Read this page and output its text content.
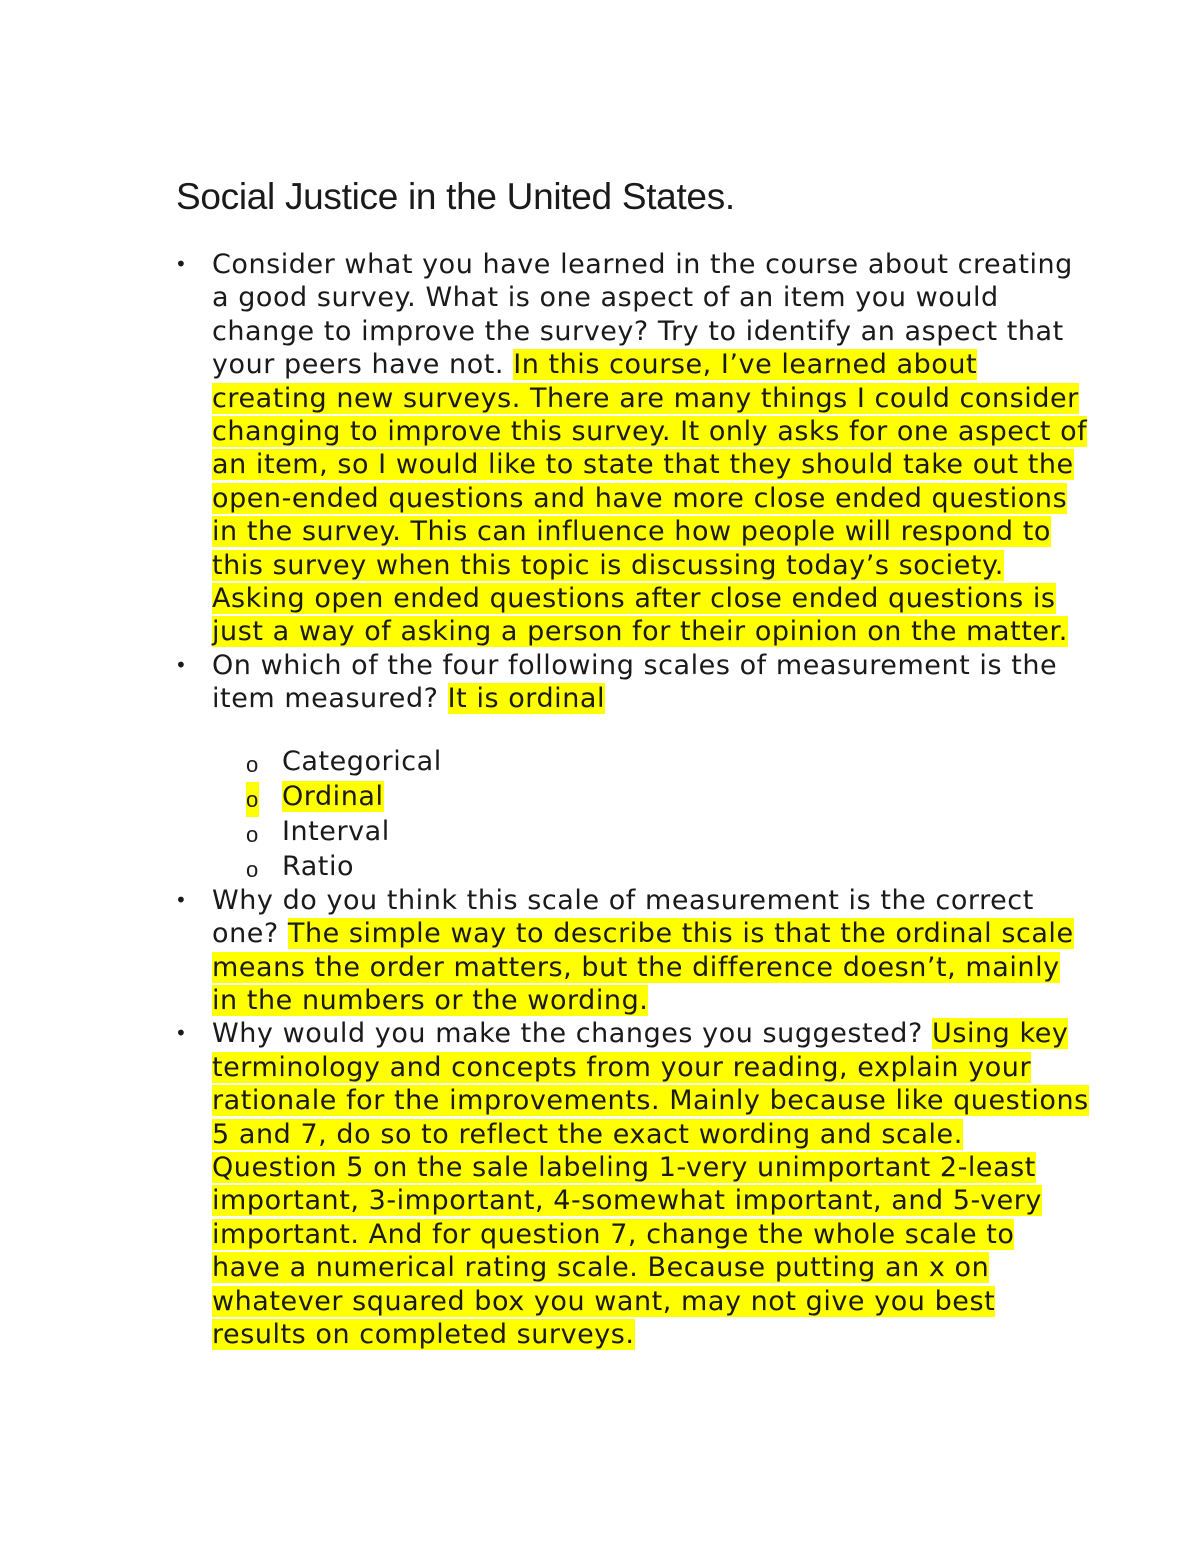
Social Justice in the United States.
• Consider what you have learned in the course about creating a good survey. What is one aspect of an item you would change to improve the survey? Try to identify an aspect that your peers have not. In this course, I’ve learned about creating new surveys. There are many things I could consider changing to improve this survey. It only asks for one aspect of an item, so I would like to state that they should take out the open-ended questions and have more close ended questions in the survey. This can influence how people will respond to this survey when this topic is discussing today’s society. Asking open ended questions after close ended questions is just a way of asking a person for their opinion on the matter.
• On which of the four following scales of measurement is the item measured? It is ordinal
o Categorical
o Ordinal
o Interval
o Ratio
• Why do you think this scale of measurement is the correct one? The simple way to describe this is that the ordinal scale means the order matters, but the difference doesn’t, mainly in the numbers or the wording.
• Why would you make the changes you suggested? Using key terminology and concepts from your reading, explain your rationale for the improvements. Mainly because like questions 5 and 7, do so to reflect the exact wording and scale. Question 5 on the sale labeling 1-very unimportant 2-least important, 3-important, 4-somewhat important, and 5-very important. And for question 7, change the whole scale to have a numerical rating scale. Because putting an x on whatever squared box you want, may not give you best results on completed surveys.
